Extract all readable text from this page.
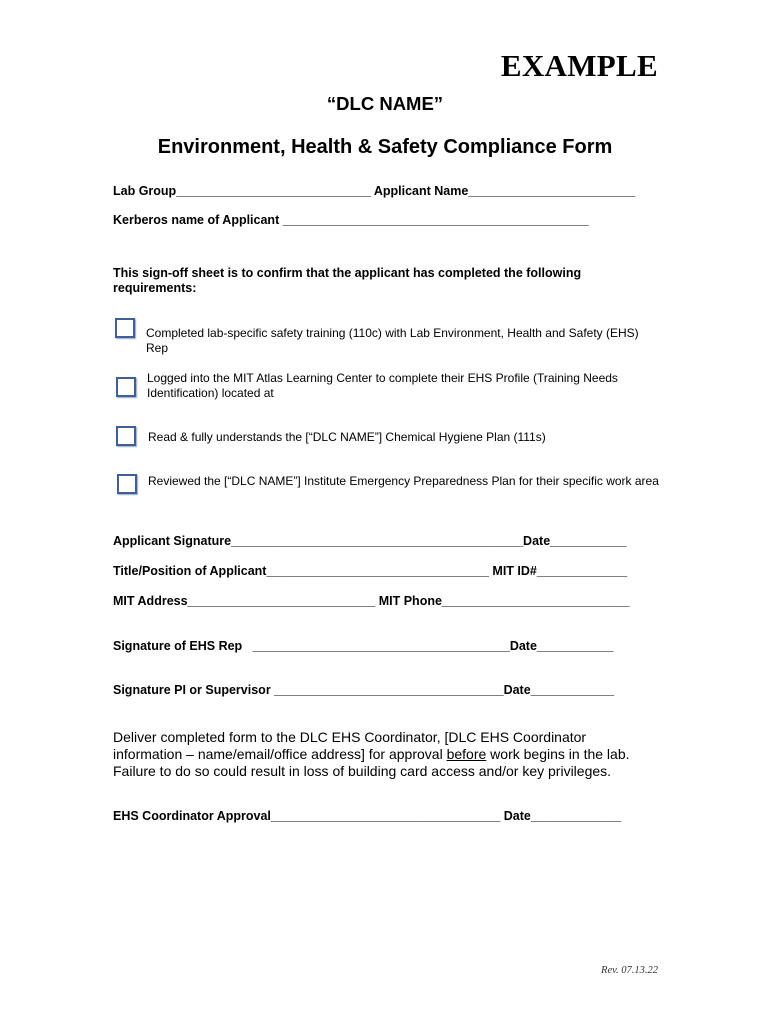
EXAMPLE
“DLC NAME”
Environment, Health & Safety Compliance Form
Lab Group____________________________ Applicant Name________________________
Kerberos name of Applicant ____________________________________________
This sign-off sheet is to confirm that the applicant has completed the following requirements:
Completed lab-specific safety training (110c) with Lab Environment, Health and Safety (EHS) Rep
Logged into the MIT Atlas Learning Center to complete their EHS Profile (Training Needs Identification) located at
Read & fully understands the [“DLC NAME”] Chemical Hygiene Plan (111s)
Reviewed the [“DLC NAME”] Institute Emergency Preparedness Plan for their specific work area
Applicant Signature__________________________________________Date___________
Title/Position of Applicant________________________________ MIT ID#_____________
MIT Address___________________________ MIT Phone___________________________
Signature of EHS Rep   _____________________________________Date___________
Signature PI or Supervisor _________________________________Date____________
Deliver completed form to the DLC EHS Coordinator, [DLC EHS Coordinator information – name/email/office address] for approval before work begins in the lab. Failure to do so could result in loss of building card access and/or key privileges.
EHS Coordinator Approval_________________________________ Date_____________
Rev. 07.13.22
